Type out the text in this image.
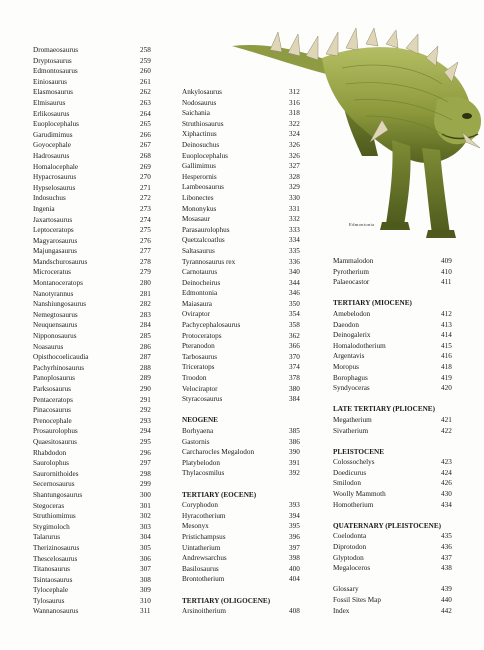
Edmontonia
Dromaeosaurus	258
Dryptosaurus	259
Edmontosaurus	260
Einiosaurus	261
Elasmosaurus	262
Elmisaurus	263
Erlikosaurus	264
Euoplocephalus	265
Garudimimus	266
Goyocephale	267
Hadrosaurus	268
Homalocephale	269
Hypacrosaurus	270
Hypselosaurus	271
Indosuchus	272
Ingenia	273
Jaxartosaurus	274
Leptoceratops	275
Magyarosaurus	276
Majungasaurus	277
Mandschurosaurus	278
Microceratus	279
Montanoceratops	280
Nanotyrannus	281
Nanshiungosaurus	282
Nemegtosaurus	283
Neuquensaurus	284
Nipponosaurus	285
Noasaurus	286
Opisthocoelicaudia	287
Pachyrhinosaurus	288
Panoplosaurus	289
Parksosaurus	290
Pentaceratops	291
Pinacosaurus	292
Prenocephale	293
Prosaurolophus	294
Quaesitosaurus	295
Rhabdodon	296
Saurolophus	297
Saurornithoides	298
Secernosaurus	299
Shantungosaurus	300
Stegoceras	301
Struthiomimus	302
Stygimoloch	303
Talarurus	304
Therizinosaurus	305
Thescelosaurus	306
Titanosaurus	307
Tsintaosaurus	308
Tylocephale	309
Tylosaurus	310
Wannanosaurus	311
Ankylosaurus	312
Nodosaurus	316
Saichania	318
Struthiosaurus	322
Xiphactinus	324
Deinosuchus	326
Euoplocephalus	326
Gallimimus	327
Hesperornis	328
Lambeosaurus	329
Libonectes	330
Mononykus	331
Mosasaur	332
Parasaurolophus	333
Quetzalcoatlus	334
Saltasaurus	335
Tyrannosaurus rex	336
Carnotaurus	340
Deinocheirus	344
Edmontonia	346
Maiasaura	350
Oviraptor	354
Pachycephalosaurus	358
Protoceratops	362
Pteranodon	366
Tarbosaurus	370
Triceratops	374
Troodon	378
Velociraptor	380
Styracosaurus	384
NEOGENE
Borhyaena	385
Gastornis	386
Carcharocles Megalodon	390
Platybelodon	391
Thylacosmilus	392
TERTIARY (EOCENE)
Coryphodon	393
Hyracotherium	394
Mesonyx	395
Pristichampsus	396
Uintatherium	397
Andrewsarchus	398
Basilosaurus	400
Brontotherium	404
TERTIARY (OLIGOCENE)
Arsinoitherium	408
Mammalodon	409
Pyrotherium	410
Palaeocastor	411
TERTIARY (MIOCENE)
Amebelodon	412
Daeodon	413
Deinogalerix	414
Homalodotherium	415
Argentavis	416
Moropus	418
Borophagus	419
Syndyoceras	420
LATE TERTIARY (PLIOCENE)
Megatherium	421
Sivatherium	422
PLEISTOCENE
Colossochelys	423
Doedicurus	424
Smilodon	426
Woolly Mammoth	430
Homotherium	434
QUATERNARY (PLEISTOCENE)
Coelodonta	435
Diprotodon	436
Glyptodon	437
Megaloceros	438
Glossary	439
Fossil Sites Map	440
Index	442
